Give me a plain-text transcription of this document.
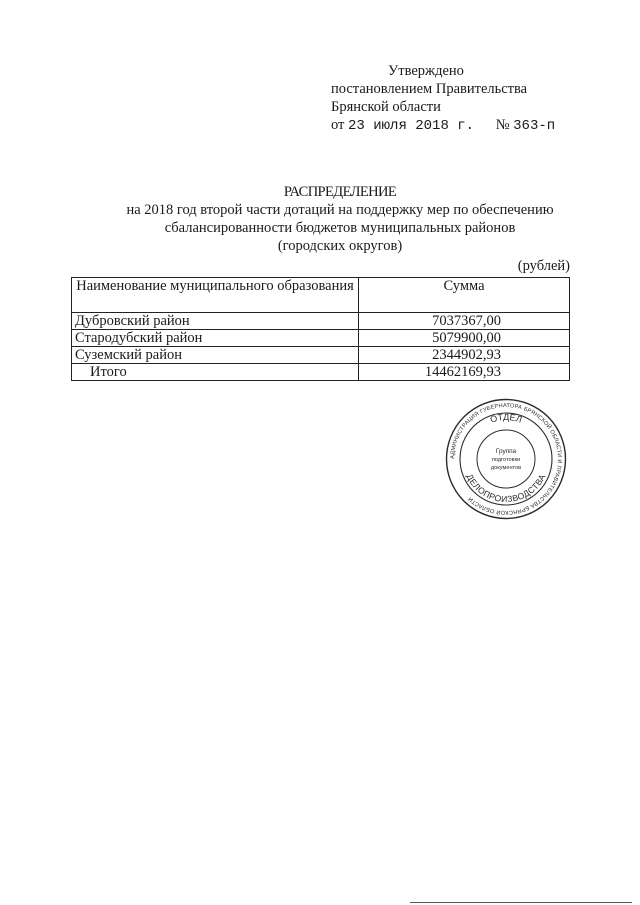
Утверждено
постановлением Правительства
Брянской области
от 23 июля 2018 г. № 363-п
РАСПРЕДЕЛЕНИЕ
на 2018 год второй части дотаций на поддержку мер по обеспечению
сбалансированности бюджетов муниципальных районов
(городских округов)
(рублей)
Наименование муниципального образования	Сумма
Дубровский район	7037367,00
Стародубский район	5079900,00
Суземский район	2344902,93
Итого	14462169,93
АДМИНИСТРАЦИЯ ГУБЕРНАТОРА БРЯНСКОЙ ОБЛАСТИ И ПРАВИТЕЛЬСТВА БРЯНСКОЙ ОБЛАСТИ
ОТДЕЛ
ДЕЛОПРОИЗВОДСТВА
Группа
подготовки
документов
